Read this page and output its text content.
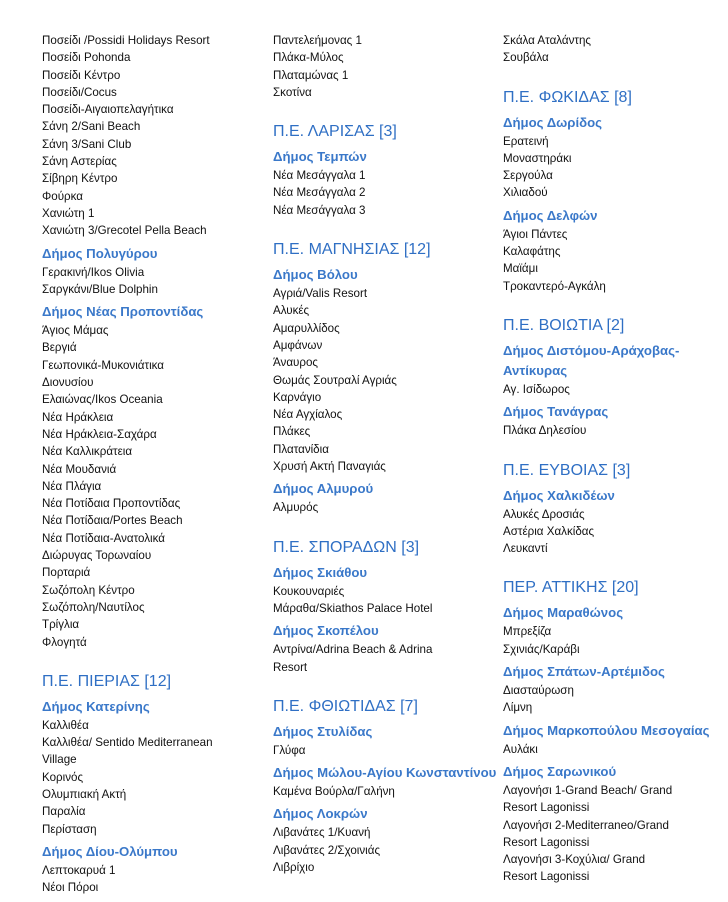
Ποσείδι /Possidi Holidays Resort
Ποσείδι Pohonda
Ποσείδι Κέντρο
Ποσείδι/Cocus
Ποσείδι-Αιγαιοπελαγήτικα
Σάνη 2/Sani Beach
Σάνη 3/Sani Club
Σάνη Αστερίας
Σίβηρη Κέντρο
Φούρκα
Χανιώτη 1
Χανιώτη 3/Grecotel Pella Beach
Δήμος Πολυγύρου
Γερακινή/Ikos Olivia
Σαργκάνι/Blue Dolphin
Δήμος Νέας Προποντίδας
Άγιος Μάμας
Βεργιά
Γεωπονικά-Μυκονιάτικα
Διονυσίου
Ελαιώνας/Ikos Oceania
Νέα Ηράκλεια
Νέα Ηράκλεια-Σαχάρα
Νέα Καλλικράτεια
Νέα Μουδανιά
Νέα Πλάγια
Νέα Ποτίδαια Προποντίδας
Νέα Ποτίδαια/Portes Beach
Νέα Ποτίδαια-Ανατολικά
Διώρυγας Τορωναίου
Πορταριά
Σωζόπολη Κέντρο
Σωζόπολη/Ναυτίλος
Τρίγλια
Φλογητά
Π.Ε. ΠΙΕΡΙΑΣ [12]
Δήμος Κατερίνης
Καλλιθέα
Καλλιθέα/ Sentido Mediterranean
Village
Κορινός
Ολυμπιακή Ακτή
Παραλία
Περίσταση
Δήμος Δίου-Ολύμπου
Λεπτοκαρυά 1
Νέοι Πόροι
Παντελεήμονας 1
Πλάκα-Μύλος
Πλαταμώνας 1
Σκοτίνα
Π.Ε. ΛΑΡΙΣΑΣ [3]
Δήμος Τεμπών
Νέα Μεσάγγαλα 1
Νέα Μεσάγγαλα 2
Νέα Μεσάγγαλα 3
Π.Ε. ΜΑΓΝΗΣΙΑΣ [12]
Δήμος Βόλου
Αγριά/Valis Resort
Αλυκές
Αμαρυλλίδος
Αμφάνων
Άναυρος
Θωμάς Σουτραλί Αγριάς
Καρνάγιο
Νέα Αγχίαλος
Πλάκες
Πλατανίδια
Χρυσή Ακτή Παναγιάς
Δήμος Αλμυρού
Αλμυρός
Π.Ε. ΣΠΟΡΑΔΩΝ [3]
Δήμος Σκιάθου
Κουκουναριές
Μάραθα/Skiathos Palace Hotel
Δήμος Σκοπέλου
Αντρίνα/Adrina Beach & Adrina
Resort
Π.Ε. ΦΘΙΩΤΙΔΑΣ [7]
Δήμος Στυλίδας
Γλύφα
Δήμος Μώλου-Αγίου Κωνσταντίνου
Καμένα Βούρλα/Γαλήνη
Δήμος Λοκρών
Λιβανάτες 1/Κυανή
Λιβανάτες 2/Σχοινιάς
Λιβρίχιο
Σκάλα Αταλάντης
Σουβάλα
Π.Ε. ΦΩΚΙΔΑΣ [8]
Δήμος Δωρίδος
Ερατεινή
Μοναστηράκι
Σεργούλα
Χιλιαδού
Δήμος Δελφών
Άγιοι Πάντες
Καλαφάτης
Μαϊάμι
Τροκαντερό-Αγκάλη
Π.Ε. ΒΟΙΩΤΙΑ [2]
Δήμος Διστόμου-Αράχοβας-Αντίκυρας
Αγ. Ισίδωρος
Δήμος Τανάγρας
Πλάκα Δηλεσίου
Π.Ε. ΕΥΒΟΙΑΣ [3]
Δήμος Χαλκιδέων
Αλυκές Δροσιάς
Αστέρια Χαλκίδας
Λευκαντί
ΠΕΡ. ΑΤΤΙΚΗΣ [20]
Δήμος Μαραθώνος
Μπρεξίζα
Σχινιάς/Καράβι
Δήμος Σπάτων-Αρτέμιδος
Διασταύρωση
Λίμνη
Δήμος Μαρκοπούλου Μεσογαίας
Αυλάκι
Δήμος Σαρωνικού
Λαγονήσι 1-Grand Beach/ Grand
Resort Lagonissi
Λαγονήσι 2-Mediterraneo/Grand
Resort Lagonissi
Λαγονήσι 3-Κοχύλια/ Grand
Resort Lagonissi
